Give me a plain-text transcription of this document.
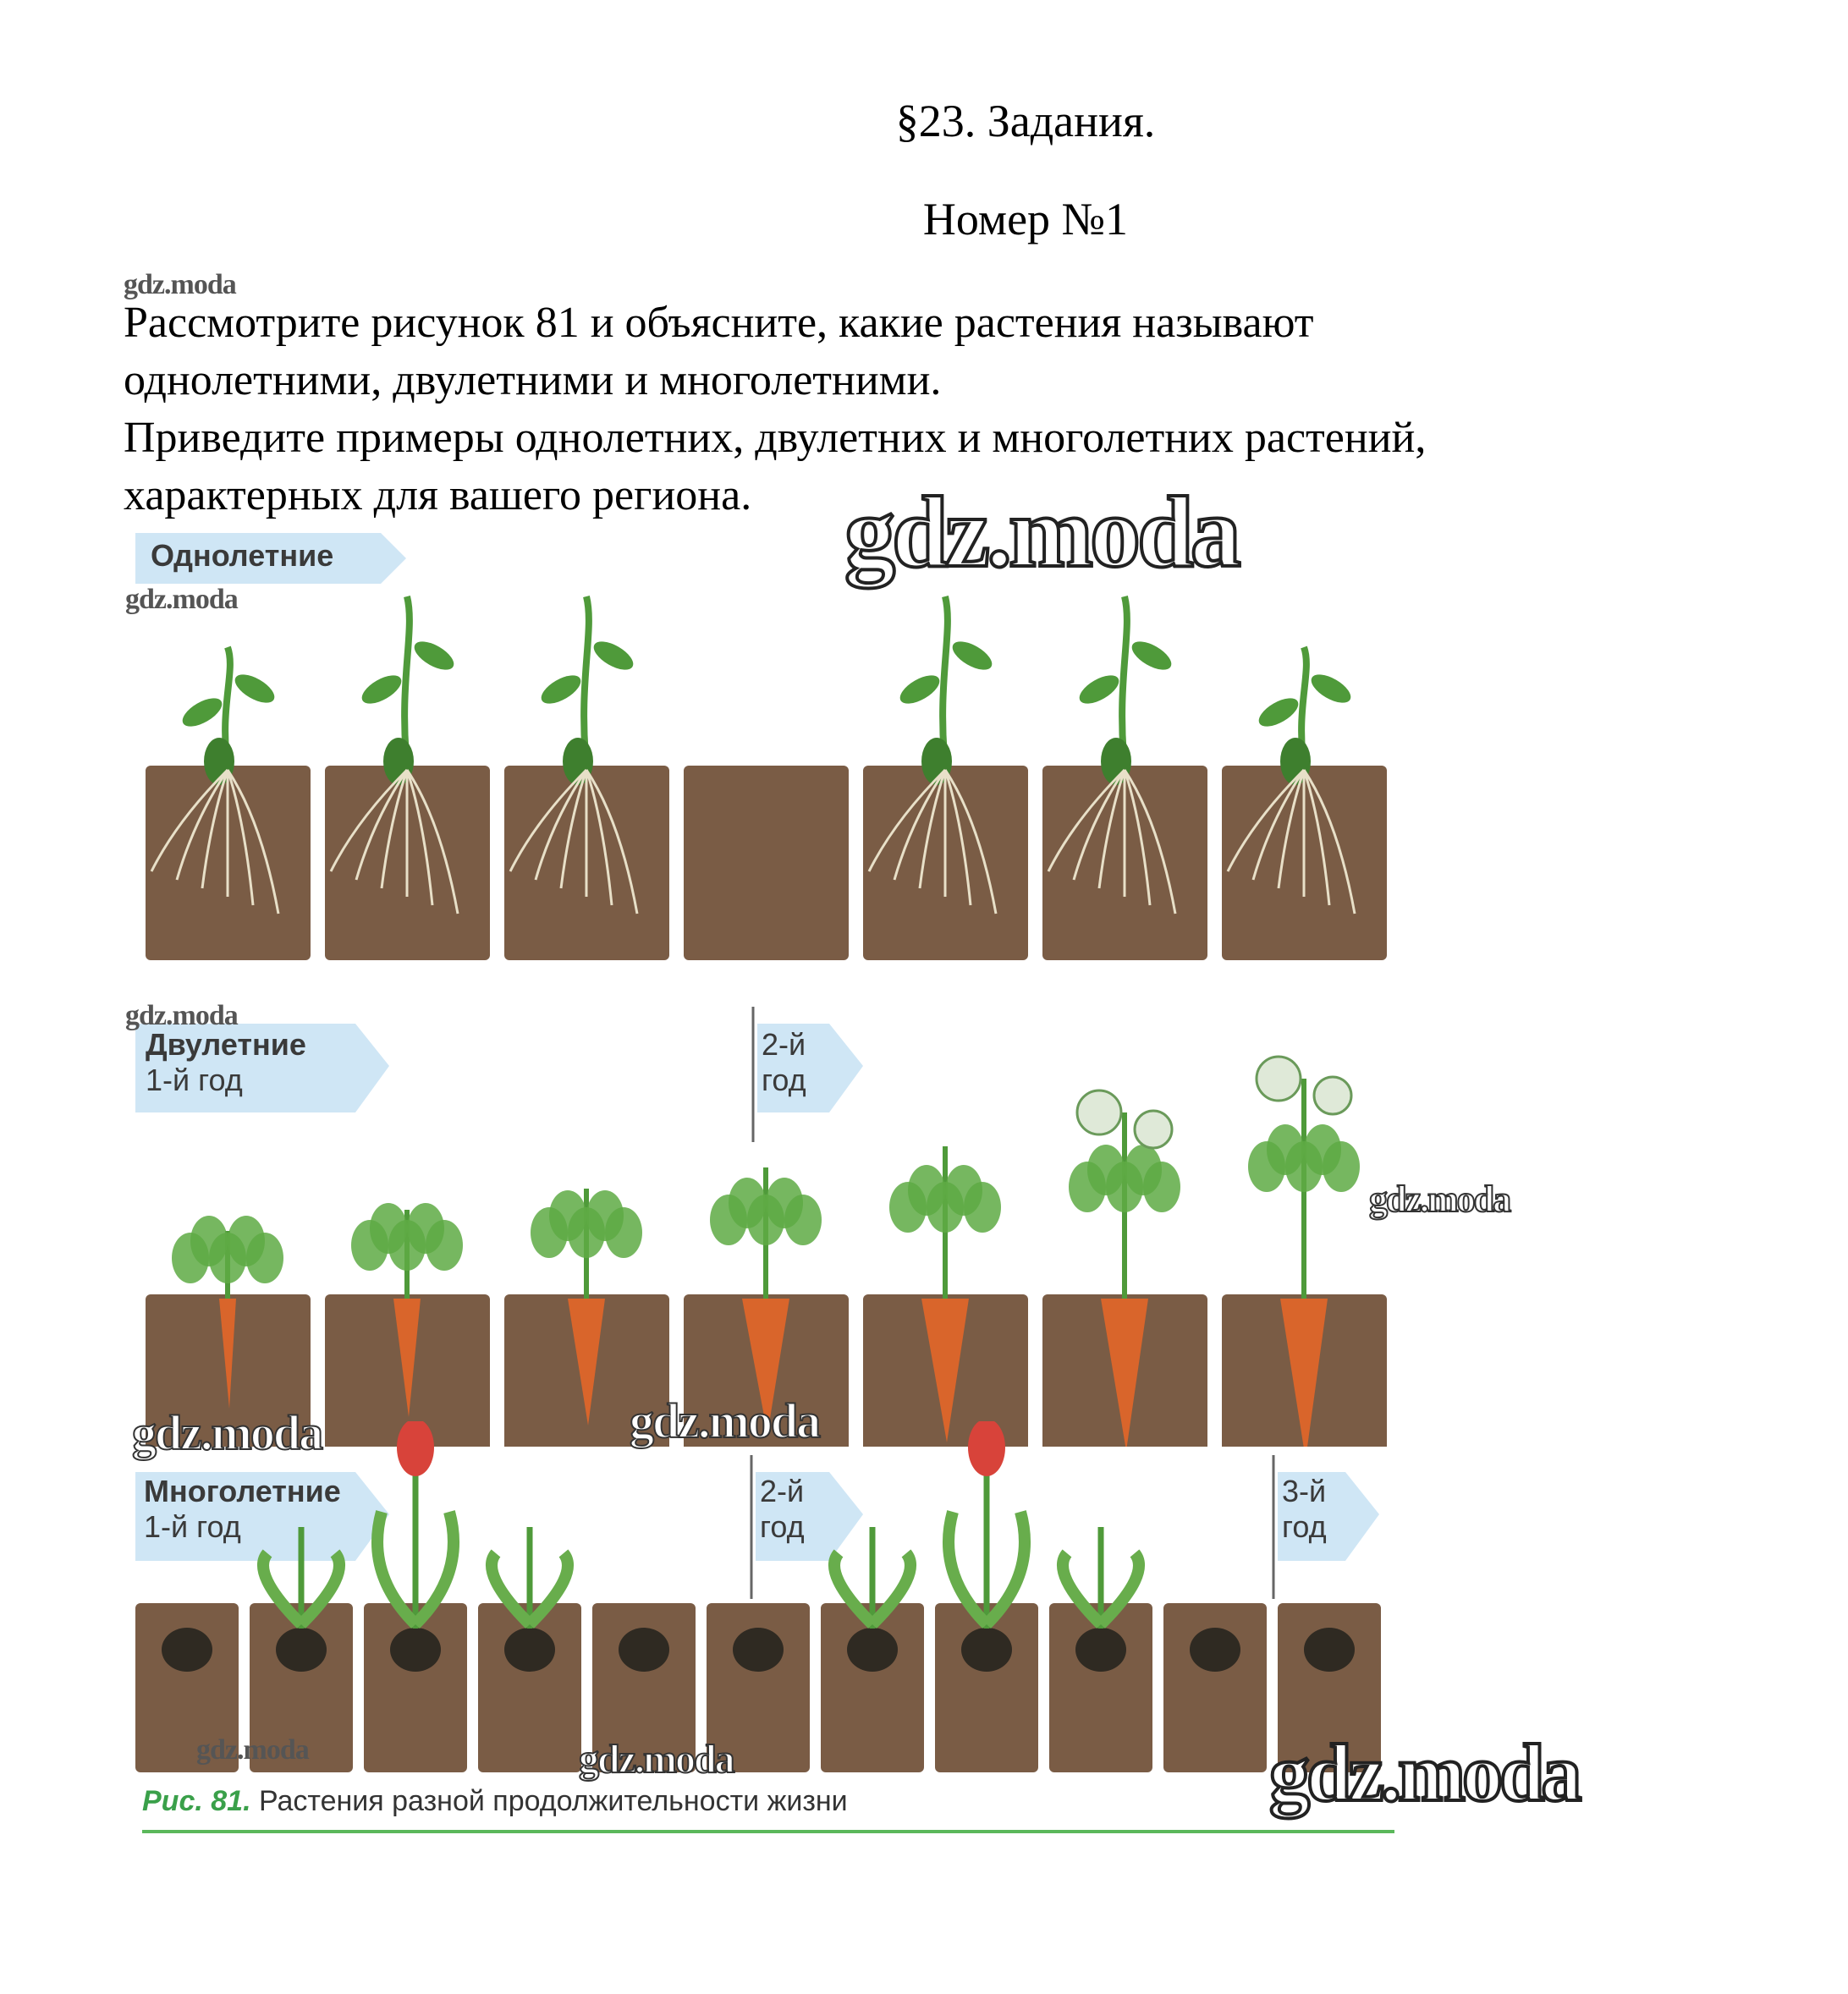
§23. Задания.
Номер №1

Рассмотрите рисунок 81 и объясните, какие растения называют

однолетними, двулетними и многолетними.

Приведите примеры однолетних, двулетних и многолетних растений,

характерных для вашего региона.

Однолетние
Двулетние
1-й год
2-й
год
Многолетние
1-й год
2-й
год
3-й
год
Рис. 81. Растения разной продолжительности жизни
gdz.moda
gdz.moda
gdz.moda
gdz.moda
gdz.moda
gdz.moda	gdz.moda
gdz.moda	gdz.moda	gdz.moda
